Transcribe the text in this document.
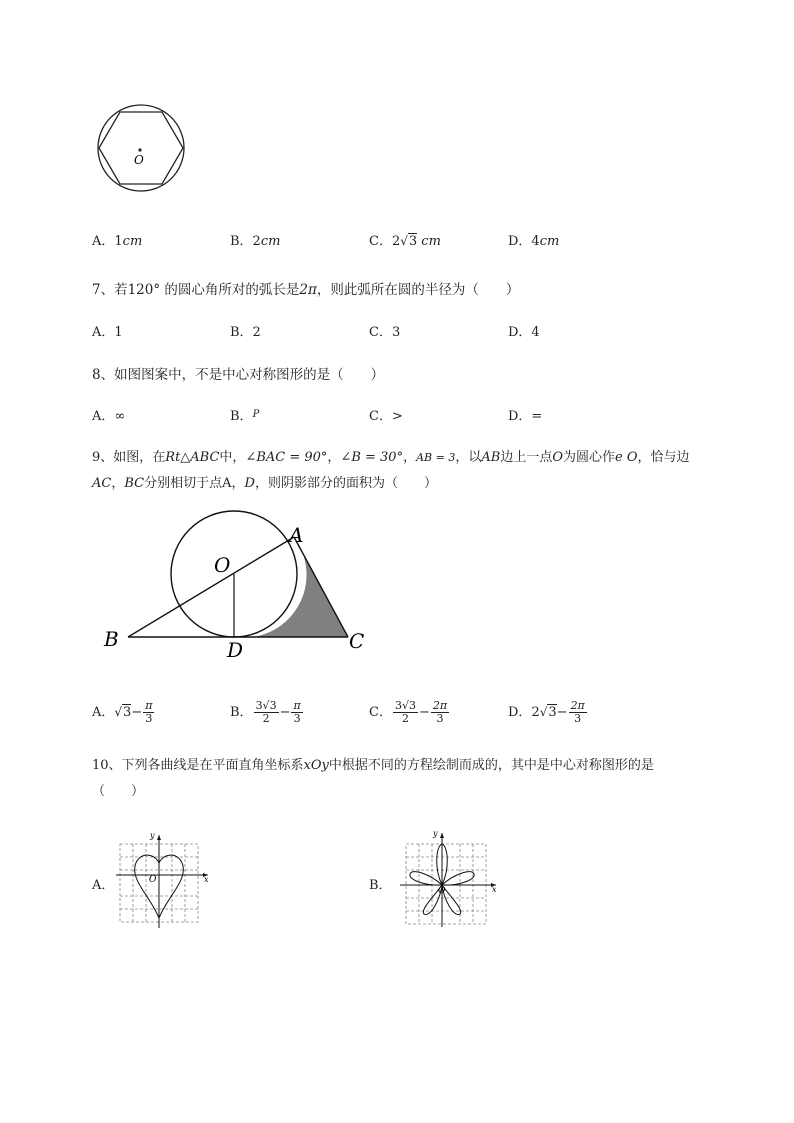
O
A．1cm	B．2cm	C．2√3 cm	D．4cm
7、若120° 的圆心角所对的弧长是2π，则此弧所在圆的半径为（　　）
A．1	B．2	C．3	D．4
8、如图图案中，不是中心对称图形的是（　　）
A．∞	B．$^P$	C．>	D．=
9、如图，在Rt△ABC中，∠BAC = 90°，∠B = 30°，AB = 3，以AB边上一点O为圆心作e O，恰与边
AC，BC分别相切于点A，D，则阴影部分的面积为（　　）
A
B	C
D
O
A．$√3- \frac{\pi}{3}$	B． $\frac{3√3}{2} - \frac{\pi}{3}$	C． $\frac{3√3}{2} - \frac{2\pi}{3}$	D．$2√3- \frac{2\pi}{3}$
10、下列各曲线是在平面直角坐标系xOy中根据不同的方程绘制而成的，其中是中心对称图形的是
（　　）
A．	x
y
O	B．	x
y
O
